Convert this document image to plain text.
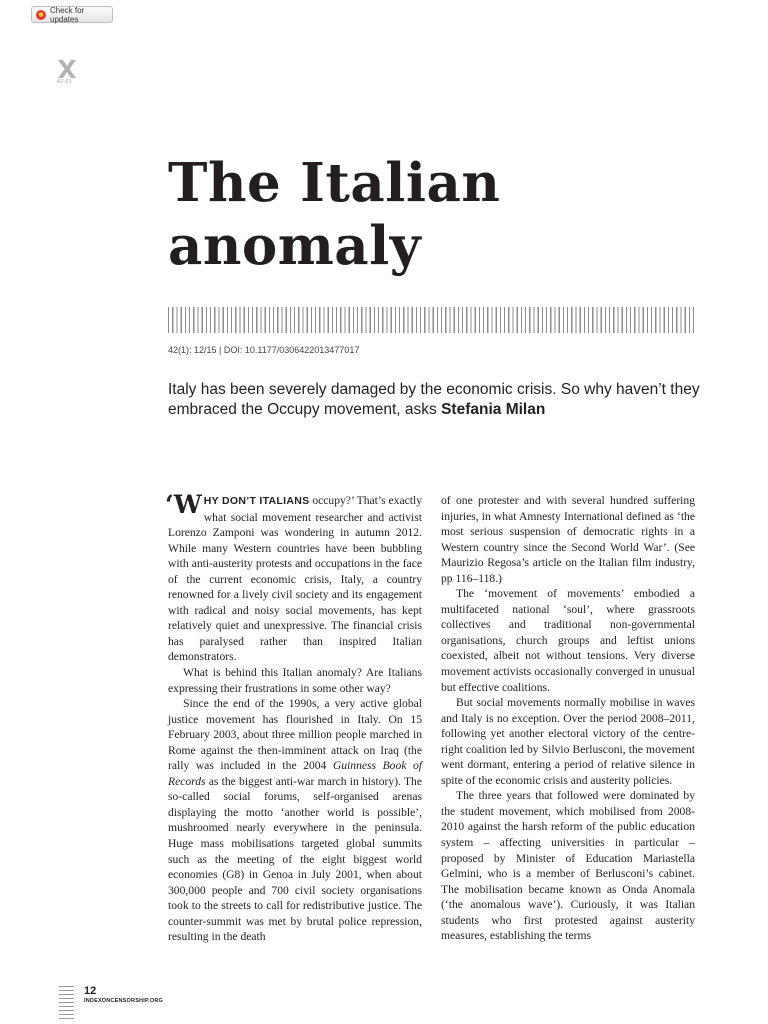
Check for updates
42.01
The Italian
anomaly
42(1): 12/15 | DOI: 10.1177/0306422013477017

Italy has been severely damaged by the economic crisis. So why haven’t they embraced the Occupy movement, asks Stefania Milan

‘WHY DON’T ITALIANS occupy?’ That’s exactly what social movement researcher and activist Lorenzo Zamponi was wondering in autumn 2012. While many Western countries have been bubbling with anti-austerity protests and occupations in the face of the current economic crisis, Italy, a country renowned for a lively civil society and its engagement with radical and noisy social movements, has kept relatively quiet and unexpressive. The financial crisis has paralysed rather than inspired Italian demonstrators.

What is behind this Italian anomaly? Are Italians expressing their frustrations in some other way?

Since the end of the 1990s, a very active global justice movement has flourished in Italy. On 15 February 2003, about three million people marched in Rome against the then-imminent attack on Iraq (the rally was included in the 2004 Guinness Book of Records as the biggest anti-war march in history). The so-called social forums, self-organised arenas displaying the motto ‘another world is possible’, mushroomed nearly everywhere in the peninsula. Huge mass mobilisations targeted global summits such as the meeting of the eight biggest world economies (G8) in Genoa in July 2001, when about 300,000 people and 700 civil society organisations took to the streets to call for redistributive justice. The counter-summit was met by brutal police repression, resulting in the death

of one protester and with several hundred suffering injuries, in what Amnesty International defined as ‘the most serious suspension of democratic rights in a Western country since the Second World War’. (See Maurizio Regosa’s article on the Italian film industry, pp 116–118.)

The ‘movement of movements’ embodied a multifaceted national ‘soul’, where grassroots collectives and traditional non-governmental organisations, church groups and leftist unions coexisted, albeit not without tensions. Very diverse movement activists occasionally converged in unusual but effective coalitions.

But social movements normally mobilise in waves and Italy is no exception. Over the period 2008–2011, following yet another electoral victory of the centre-right coalition led by Silvio Berlusconi, the movement went dormant, entering a period of relative silence in spite of the economic crisis and austerity policies.

The three years that followed were dominated by the student movement, which mobilised from 2008-2010 against the harsh reform of the public education system – affecting universities in particular – proposed by Minister of Education Mariastella Gelmini, who is a member of Berlusconi’s cabinet. The mobilisation became known as Onda Anomala (‘the anomalous wave’). Curiously, it was Italian students who first protested against austerity measures, establishing the terms

12
INDEXONCENSORSHIP.ORG
